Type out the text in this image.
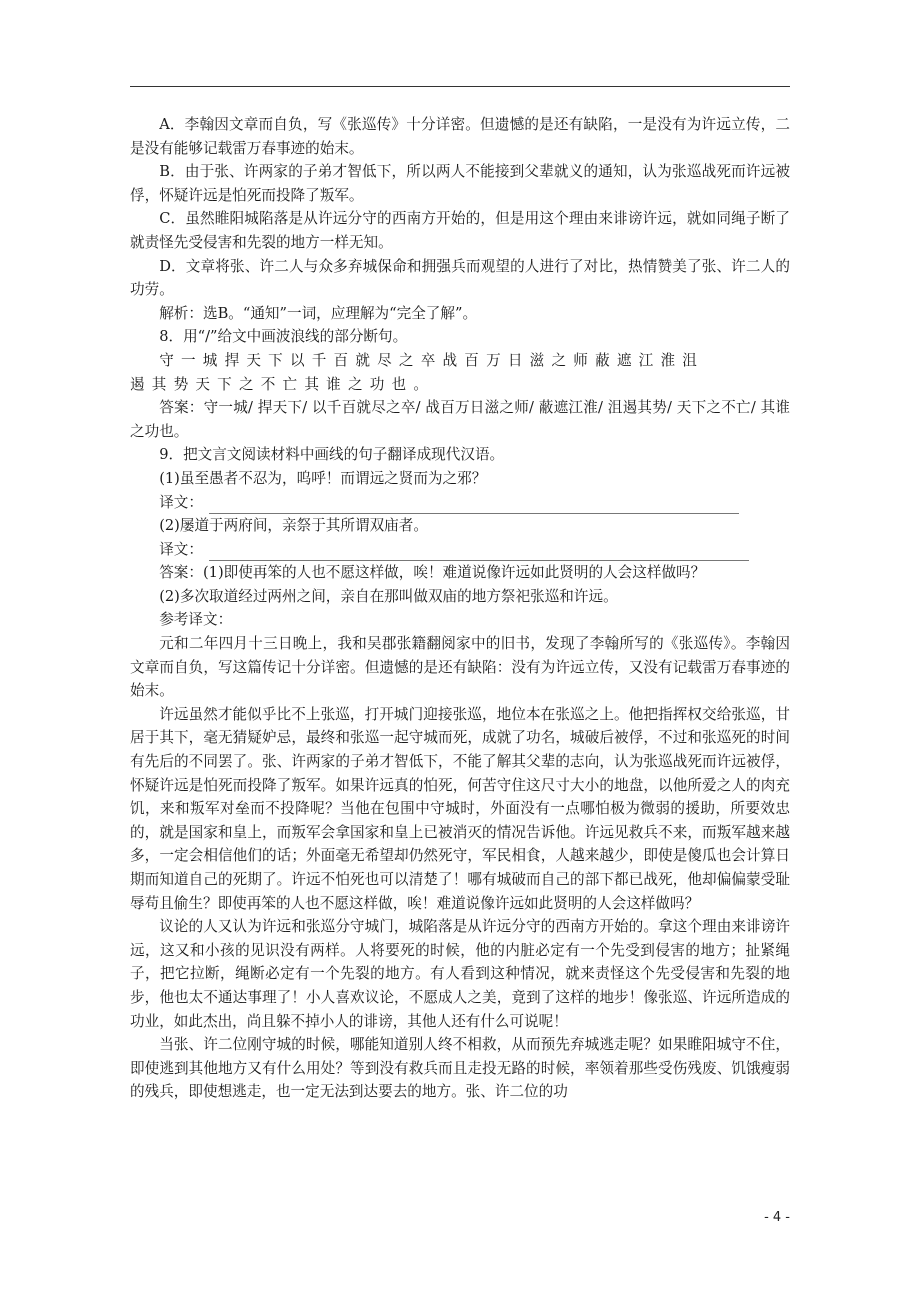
A．李翰因文章而自负，写《张巡传》十分详密。但遗憾的是还有缺陷，一是没有为许远立传，二是没有能够记载雷万春事迹的始末。

B．由于张、许两家的子弟才智低下，所以两人不能接到父辈就义的通知，认为张巡战死而许远被俘，怀疑许远是怕死而投降了叛军。

C．虽然睢阳城陷落是从许远分守的西南方开始的，但是用这个理由来诽谤许远，就如同绳子断了就责怪先受侵害和先裂的地方一样无知。

D．文章将张、许二人与众多弃城保命和拥强兵而观望的人进行了对比，热情赞美了张、许二人的功劳。

解析：选B。“通知”一词，应理解为“完全了解”。

8．用“/”给文中画波浪线的部分断句。

守一城捍天下以千百就尽之卒战百万日滋之师蔽遮江淮沮

遏其势天下之不亡其谁之功也。

答案：守一城/ 捍天下/ 以千百就尽之卒/ 战百万日滋之师/ 蔽遮江淮/ 沮遏其势/ 天下之不亡/ 其谁之功也。

9．把文言文阅读材料中画线的句子翻译成现代汉语。

(1)虽至愚者不忍为，呜呼！而谓远之贤而为之邪？

译文：

(2)屡道于两府间，亲祭于其所谓双庙者。

译文：

答案：(1)即使再笨的人也不愿这样做，唉！难道说像许远如此贤明的人会这样做吗？

(2)多次取道经过两州之间，亲自在那叫做双庙的地方祭祀张巡和许远。

参考译文：

元和二年四月十三日晚上，我和吴郡张籍翻阅家中的旧书，发现了李翰所写的《张巡传》。李翰因文章而自负，写这篇传记十分详密。但遗憾的是还有缺陷：没有为许远立传，又没有记载雷万春事迹的始末。

许远虽然才能似乎比不上张巡，打开城门迎接张巡，地位本在张巡之上。他把指挥权交给张巡，甘居于其下，毫无猜疑妒忌，最终和张巡一起守城而死，成就了功名，城破后被俘，不过和张巡死的时间有先后的不同罢了。张、许两家的子弟才智低下，不能了解其父辈的志向，认为张巡战死而许远被俘，怀疑许远是怕死而投降了叛军。如果许远真的怕死，何苦守住这尺寸大小的地盘，以他所爱之人的肉充饥，来和叛军对垒而不投降呢？当他在包围中守城时，外面没有一点哪怕极为微弱的援助，所要效忠的，就是国家和皇上，而叛军会拿国家和皇上已被消灭的情况告诉他。许远见救兵不来，而叛军越来越多，一定会相信他们的话；外面毫无希望却仍然死守，军民相食，人越来越少，即使是傻瓜也会计算日期而知道自己的死期了。许远不怕死也可以清楚了！哪有城破而自己的部下都已战死，他却偏偏蒙受耻辱苟且偷生？即使再笨的人也不愿这样做，唉！难道说像许远如此贤明的人会这样做吗？

议论的人又认为许远和张巡分守城门，城陷落是从许远分守的西南方开始的。拿这个理由来诽谤许远，这又和小孩的见识没有两样。人将要死的时候，他的内脏必定有一个先受到侵害的地方；扯紧绳子，把它拉断，绳断必定有一个先裂的地方。有人看到这种情况，就来责怪这个先受侵害和先裂的地步，他也太不通达事理了！小人喜欢议论，不愿成人之美，竟到了这样的地步！像张巡、许远所造成的功业，如此杰出，尚且躲不掉小人的诽谤，其他人还有什么可说呢！

当张、许二位刚守城的时候，哪能知道别人终不相救，从而预先弃城逃走呢？如果睢阳城守不住，即使逃到其他地方又有什么用处？等到没有救兵而且走投无路的时候，率领着那些受伤残废、饥饿瘦弱的残兵，即使想逃走，也一定无法到达要去的地方。张、许二位的功

- 4 -
